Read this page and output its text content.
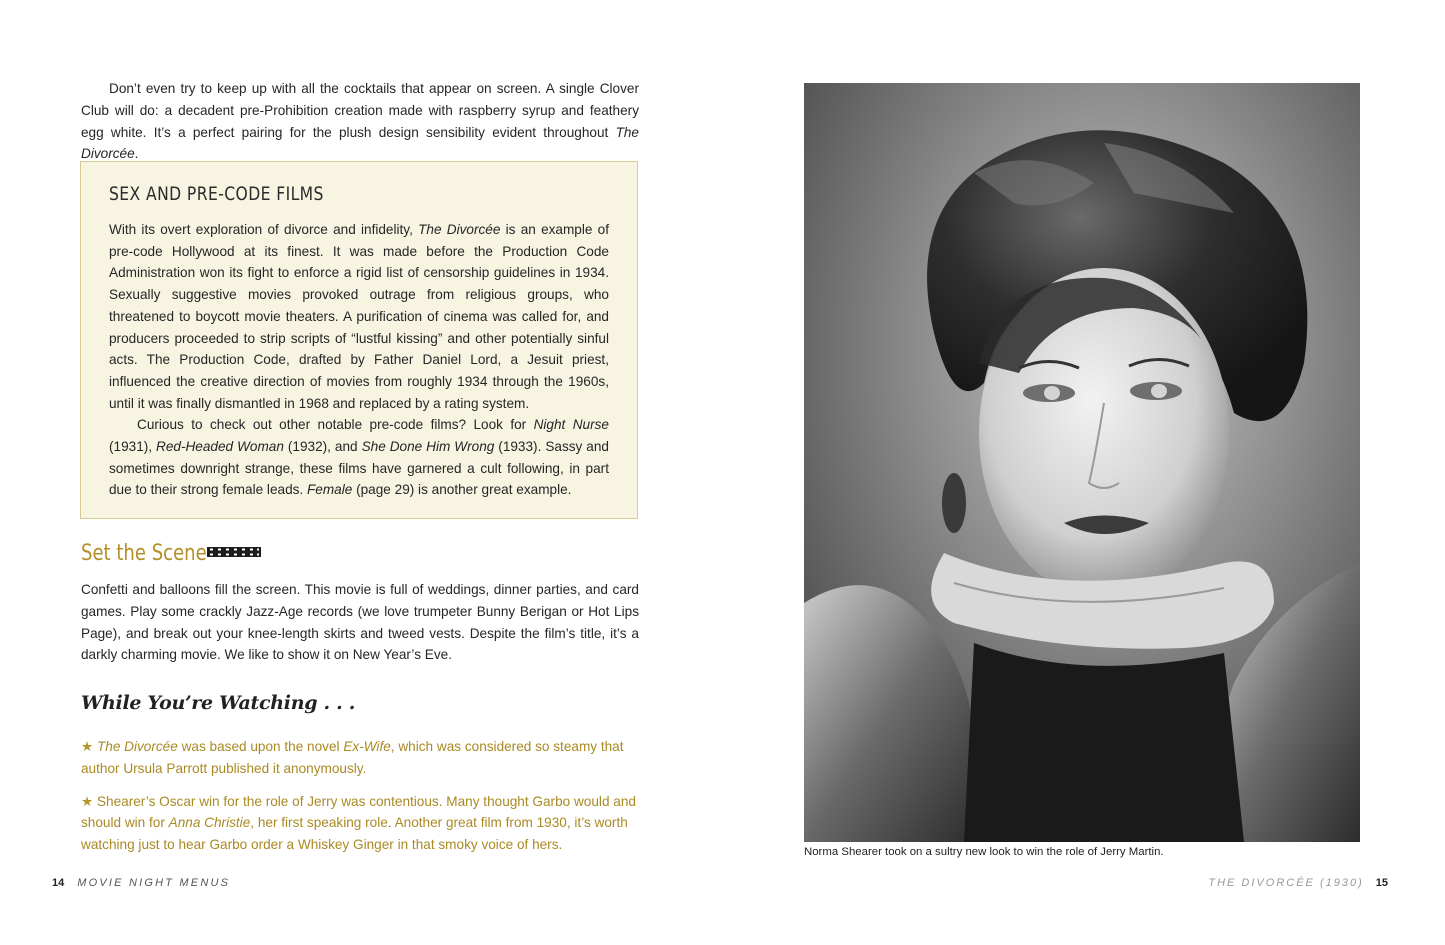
Don’t even try to keep up with all the cocktails that appear on screen. A single Clover Club will do: a decadent pre-Prohibition creation made with raspberry syrup and feathery egg white. It’s a perfect pairing for the plush design sensibility evident throughout The Divorcée.

SEX AND PRE-CODE FILMS

With its overt exploration of divorce and infidelity, The Divorcée is an example of pre-code Hollywood at its finest. It was made before the Production Code Administration won its fight to enforce a rigid list of censorship guidelines in 1934. Sexually suggestive movies provoked outrage from religious groups, who threatened to boycott movie theaters. A purification of cinema was called for, and producers proceeded to strip scripts of “lustful kissing” and other potentially sinful acts. The Production Code, drafted by Father Daniel Lord, a Jesuit priest, influenced the creative direction of movies from roughly 1934 through the 1960s, until it was finally dismantled in 1968 and replaced by a rating system.

Curious to check out other notable pre-code films? Look for Night Nurse (1931), Red-Headed Woman (1932), and She Done Him Wrong (1933). Sassy and sometimes downright strange, these films have garnered a cult following, in part due to their strong female leads. Female (page 29) is another great example.

Set the Scene
Confetti and balloons fill the screen. This movie is full of weddings, dinner parties, and card games. Play some crackly Jazz-Age records (we love trumpeter Bunny Berigan or Hot Lips Page), and break out your knee-length skirts and tweed vests. Despite the film’s title, it’s a darkly charming movie. We like to show it on New Year’s Eve.
While You’re Watching . . .

★ The Divorcée was based upon the novel Ex-Wife, which was considered so steamy that author Ursula Parrott published it anonymously.

★ Shearer’s Oscar win for the role of Jerry was contentious. Many thought Garbo would and should win for Anna Christie, her first speaking role. Another great film from 1930, it’s worth watching just to hear Garbo order a Whiskey Ginger in that smoky voice of hers.

14 MOVIE NIGHT MENUS
Norma Shearer took on a sultry new look to win the role of Jerry Martin.
THE DIVORCÉE (1930) 15
